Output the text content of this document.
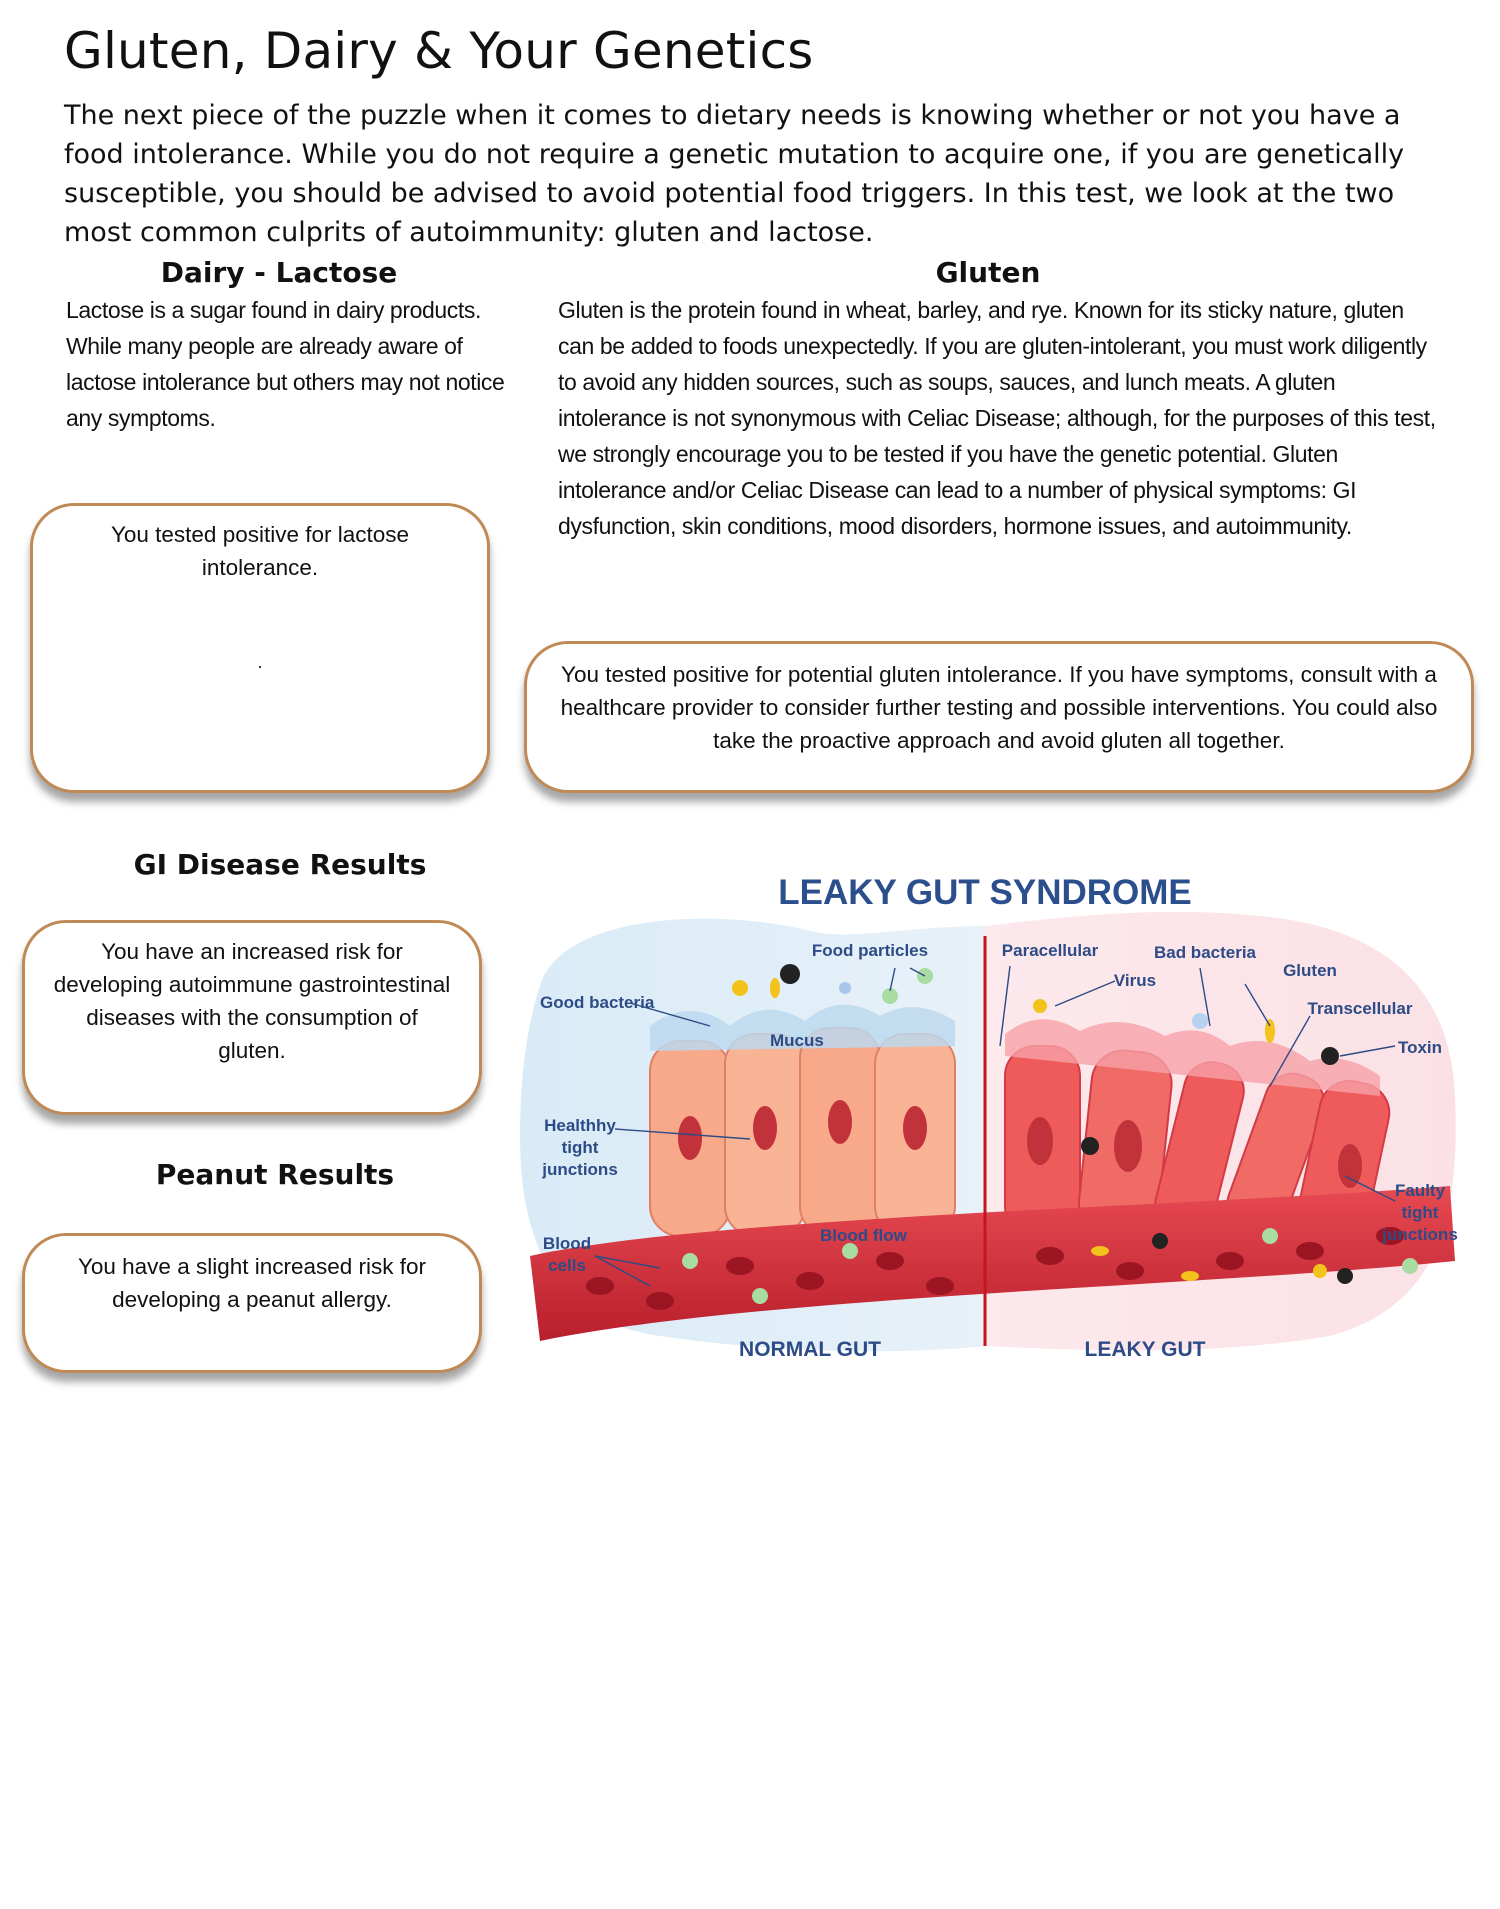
Gluten, Dairy & Your Genetics

The next piece of the puzzle when it comes to dietary needs is knowing whether or not you have a food intolerance. While you do not require a genetic mutation to acquire one, if you are genetically susceptible, you should be advised to avoid potential food triggers. In this test, we look at the two most common culprits of autoimmunity: gluten and lactose.

Dairy - Lactose

Lactose is a sugar found in dairy products. While many people are already aware of lactose intolerance but others may not notice any symptoms.

You tested positive for lactose intolerance.
.
Gluten

Gluten is the protein found in wheat, barley, and rye. Known for its sticky nature, gluten can be added to foods unexpectedly. If you are gluten-intolerant, you must work diligently to avoid any hidden sources, such as soups, sauces, and lunch meats. A gluten intolerance is not synonymous with Celiac Disease; although, for the purposes of this test, we strongly encourage you to be tested if you have the genetic potential. Gluten intolerance and/or Celiac Disease can lead to a number of physical symptoms: GI dysfunction, skin conditions, mood disorders, hormone issues, and autoimmunity.

You tested positive for potential gluten intolerance. If you have symptoms, consult with a healthcare provider to consider further testing and possible interventions. You could also take the proactive approach and avoid gluten all together.
GI Disease Results
You have an increased risk for developing autoimmune gastrointestinal diseases with the consumption of gluten.
Peanut Results
You have a slight increased risk for developing a peanut allergy.
LEAKY GUT SYNDROME
Food particles
Good bacteria
Mucus
Healthhy
tight
junctions
Blood
cells
Blood flow
Paracellular	Bad bacteria
Virus
Gluten
Transcellular
Toxin
Faulty
tight
junctions
NORMAL GUT	LEAKY GUT
